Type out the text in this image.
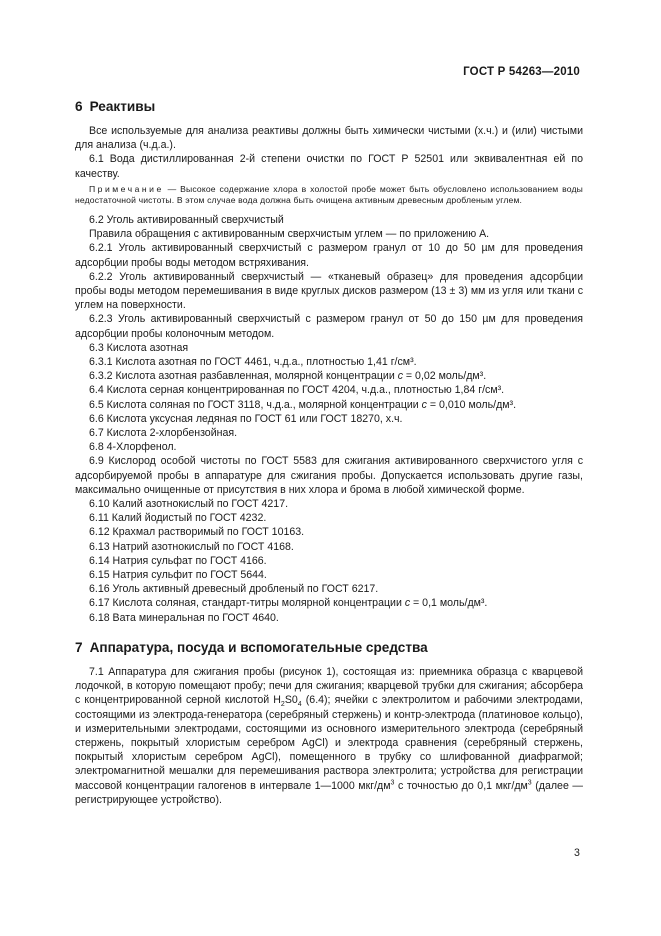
ГОСТ Р 54263—2010
6 Реактивы

Все используемые для анализа реактивы должны быть химически чистыми (х.ч.) и (или) чистыми для анализа (ч.д.а.).

6.1 Вода дистиллированная 2-й степени очистки по ГОСТ Р 52501 или эквивалентная ей по качеству.

Примечание — Высокое содержание хлора в холостой пробе может быть обусловлено использованием воды недостаточной чистоты. В этом случае вода должна быть очищена активным древесным дробленым углем.

6.2 Уголь активированный сверхчистый

Правила обращения с активированным сверхчистым углем — по приложению А.

6.2.1 Уголь активированный сверхчистый с размером гранул от 10 до 50 µм для проведения адсорбции пробы воды методом встряхивания.

6.2.2 Уголь активированный сверхчистый — «тканевый образец» для проведения адсорбции пробы воды методом перемешивания в виде круглых дисков размером (13 ± 3) мм из угля или ткани с углем на поверхности.

6.2.3 Уголь активированный сверхчистый с размером гранул от 50 до 150 µм для проведения адсорбции пробы колоночным методом.

6.3 Кислота азотная

6.3.1 Кислота азотная по ГОСТ 4461, ч.д.а., плотностью 1,41 г/см³.

6.3.2 Кислота азотная разбавленная, молярной концентрации с = 0,02 моль/дм³.

6.4 Кислота серная концентрированная по ГОСТ 4204, ч.д.а., плотностью 1,84 г/см³.

6.5 Кислота соляная по ГОСТ 3118, ч.д.а., молярной концентрации с = 0,010 моль/дм³.

6.6 Кислота уксусная ледяная по ГОСТ 61 или ГОСТ 18270, х.ч.

6.7 Кислота 2-хлорбензойная.

6.8 4-Хлорфенол.

6.9 Кислород особой чистоты по ГОСТ 5583 для сжигания активированного сверхчистого угля с адсорбируемой пробы в аппаратуре для сжигания пробы. Допускается использовать другие газы, максимально очищенные от присутствия в них хлора и брома в любой химической форме.

6.10 Калий азотнокислый по ГОСТ 4217.

6.11 Калий йодистый по ГОСТ 4232.

6.12 Крахмал растворимый по ГОСТ 10163.

6.13 Натрий азотнокислый по ГОСТ 4168.

6.14 Натрия сульфат по ГОСТ 4166.

6.15 Натрия сульфит по ГОСТ 5644.

6.16 Уголь активный древесный дробленый по ГОСТ 6217.

6.17 Кислота соляная, стандарт-титры молярной концентрации с = 0,1 моль/дм³.

6.18 Вата минеральная по ГОСТ 4640.

7 Аппаратура, посуда и вспомогательные средства

7.1 Аппаратура для сжигания пробы (рисунок 1), состоящая из: приемника образца с кварцевой лодочкой, в которую помещают пробу; печи для сжигания; кварцевой трубки для сжигания; абсорбера с концентрированной серной кислотой $H_2S0_4$ (6.4); ячейки с электролитом и рабочими электродами, состоящими из электрода-генератора (серебряный стержень) и контр-электрода (платиновое кольцо), и измерительными электродами, состоящими из основного измерительного электрода (серебряный стержень, покрытый хлористым серебром AgCl) и электрода сравнения (серебряный стержень, покрытый хлористым серебром AgCl), помещенного в трубку со шлифованной диафрагмой; электромагнитной мешалки для перемешивания раствора электролита; устройства для регистрации массовой концентрации галогенов в интервале 1—1000 мкг/$дм^3$ с точностью до 0,1 мкг/$дм^3$ (далее — регистрирующее устройство).

3
